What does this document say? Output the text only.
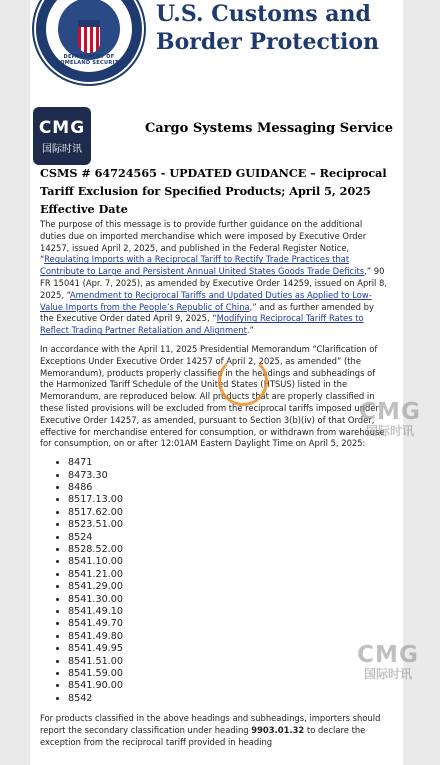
DEPARTMENT OF HOMELAND SECURITY
U.S. Customs and
Border Protection
CMG
国际时讯
Cargo Systems Messaging Service
CSMS # 64724565 - UPDATED GUIDANCE – Reciprocal Tariff Exclusion for Specified Products; April 5, 2025 Effective Date

The purpose of this message is to provide further guidance on the additional duties due on imported merchandise which were imposed by Executive Order 14257, issued April 2, 2025, and published in the Federal Register Notice, “Regulating Imports with a Reciprocal Tariff to Rectify Trade Practices that Contribute to Large and Persistent Annual United States Goods Trade Deficits,” 90 FR 15041 (Apr. 7, 2025), as amended by Executive Order 14259, issued on April 8, 2025, “Amendment to Reciprocal Tariffs and Updated Duties as Applied to Low-Value Imports from the People’s Republic of China,” and as further amended by the Executive Order dated April 9, 2025, “Modifying Reciprocal Tariff Rates to Reflect Trading Partner Retaliation and Alignment.”

In accordance with the April 11, 2025 Presidential Memorandum “Clarification of Exceptions Under Executive Order 14257 of April 2, 2025, as amended” (the Memorandum), products properly classified in the headings and subheadings of the Harmonized Tariff Schedule of the United States (HTSUS) listed in the Memorandum, are reproduced below. All products that are properly classified in these listed provisions will be excluded from the reciprocal tariffs imposed under Executive Order 14257, as amended, pursuant to Section 3(b)(iv) of that Order, effective for merchandise entered for consumption, or withdrawn from warehouse for consumption, on or after 12:01AM Eastern Daylight Time on April 5, 2025:

• 8471
• 8473.30
• 8486
• 8517.13.00
• 8517.62.00
• 8523.51.00
• 8524
• 8528.52.00
• 8541.10.00
• 8541.21.00
• 8541.29.00
• 8541.30.00
• 8541.49.10
• 8541.49.70
• 8541.49.80
• 8541.49.95
• 8541.51.00
• 8541.59.00
• 8541.90.00
• 8542

For products classified in the above headings and subheadings, importers should report the secondary classification under heading 9903.01.32 to declare the exception from the reciprocal tariff provided in heading

CMG
国际时讯
CMG
国际时讯
